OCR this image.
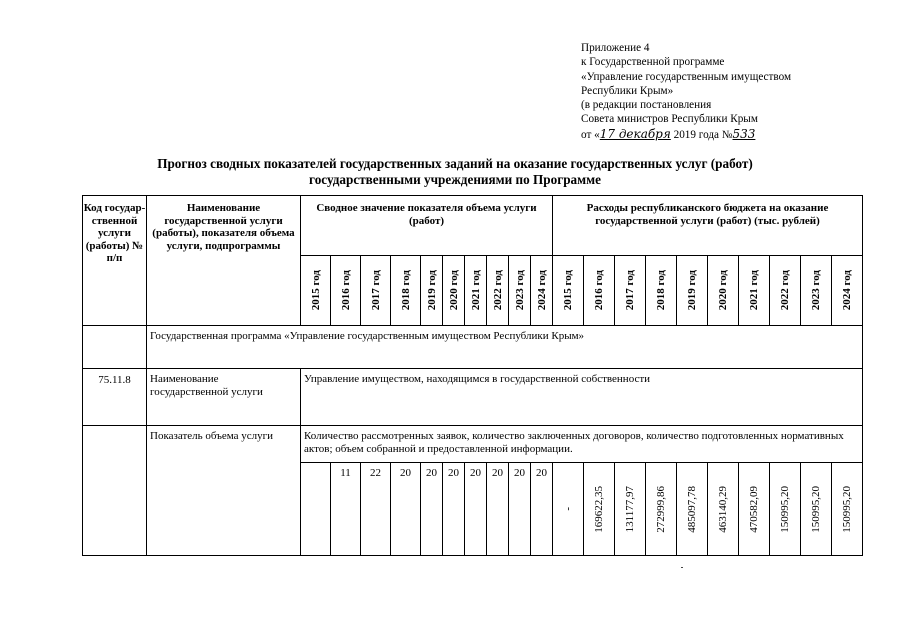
Приложение 4
к Государственной программе
«Управление государственным имуществом
Республики Крым»
(в редакции постановления
Совета министров Республики Крым
от «17 декабря 2019 года №533
Прогноз сводных показателей государственных заданий на оказание государственных услуг (работ)
государственными учреждениями по Программе
Код государ-ственной услуги (работы) № п/п	Наименование государственной услуги (работы), показателя объема услуги, подпрограммы	Сводное значение показателя объема услуги (работ)										Расходы республиканского бюджета на оказание государственной услуги (работ) (тыс. рублей)									

		2015 год	2016 год	2017 год	2018 год	2019 год	2020 год	2021 год	2022 год	2023 год	2024 год	2015 год	2016 год	2017 год	2018 год	2019 год	2020 год	2021 год	2022 год	2023 год	2024 год

	Государственная программа «Управление государственным имуществом Республики Крым»																				
75.11.8	Наименование государственной услуги	Управление имуществом, находящимся в государственной собственности																			
	Показатель объема услуги	Количество рассмотренных заявок, количество заключенных договоров, количество подготовленных нормативных актов; объем собранной и предоставленной информации.																			
			11	22	20	20	20	20	20	20	20	-	169622,35	131177,97	272999,86	485097,78	463140,29	470582,09	150995,20	150995,20	150995,20
